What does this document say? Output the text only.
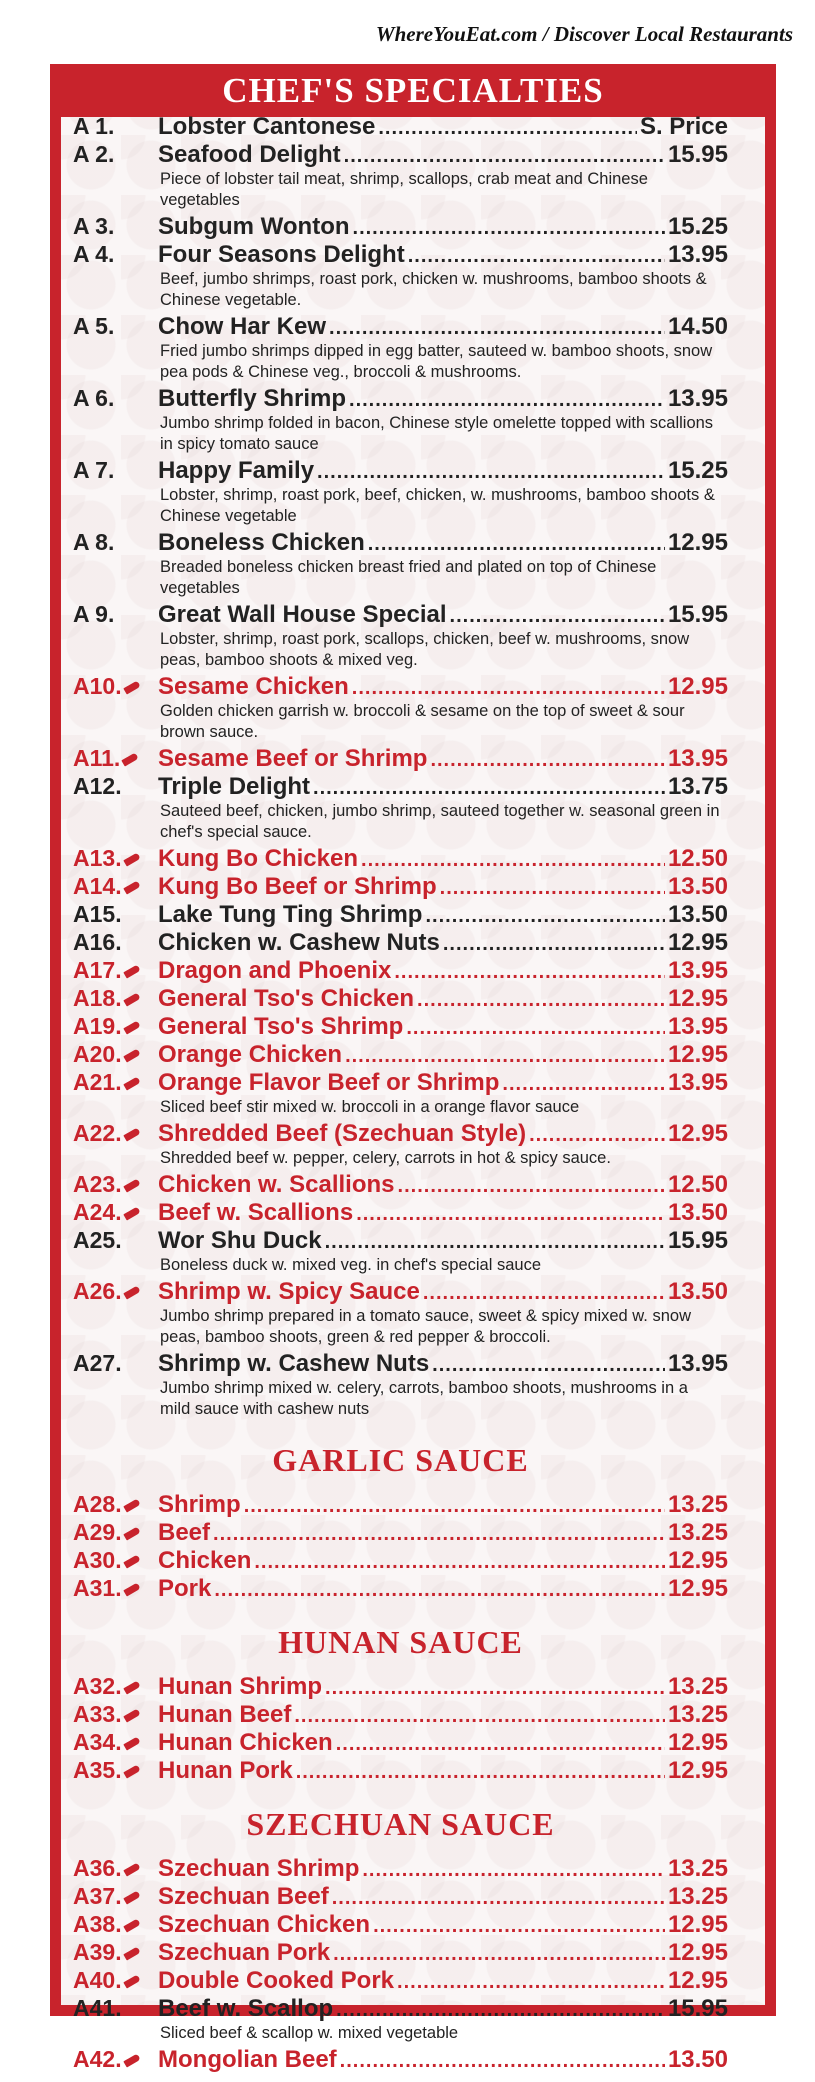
WhereYouEat.com / Discover Local Restaurants
CHEF'S SPECIALTIES
A 1.	Lobster Cantonese .....	S. Price
A 2.	Seafood Delight .....	15.95
Piece of lobster tail meat, shrimp, scallops, crab meat and Chinese vegetables
A 3.	Subgum Wonton .....	15.25
A 4.	Four Seasons Delight .....	13.95
Beef, jumbo shrimps, roast pork, chicken w. mushrooms, bamboo shoots & Chinese vegetable.
A 5.	Chow Har Kew .....	14.50
Fried jumbo shrimps dipped in egg batter, sauteed w. bamboo shoots, snow pea pods & Chinese veg., broccoli & mushrooms.
A 6.	Butterfly Shrimp .....	13.95
Jumbo shrimp folded in bacon, Chinese style omelette topped with scallions in spicy tomato sauce
A 7.	Happy Family .....	15.25
Lobster, shrimp, roast pork, beef, chicken, w. mushrooms, bamboo shoots & Chinese vegetable
A 8.	Boneless Chicken .....	12.95
Breaded boneless chicken breast fried and plated on top of Chinese vegetables
A 9.	Great Wall House Special .....	15.95
Lobster, shrimp, roast pork, scallops, chicken, beef w. mushrooms, snow peas, bamboo shoots & mixed veg.
A10.	Sesame Chicken .....	12.95
Golden chicken garrish w. broccoli & sesame on the top of sweet & sour brown sauce.
A11.	Sesame Beef or Shrimp .....	13.95
A12.	Triple Delight .....	13.75
Sauteed beef, chicken, jumbo shrimp, sauteed together w. seasonal green in chef's special sauce.
A13.	Kung Bo Chicken .....	12.50
A14.	Kung Bo Beef or Shrimp .....	13.50
A15.	Lake Tung Ting Shrimp .....	13.50
A16.	Chicken w. Cashew Nuts .....	12.95
A17.	Dragon and Phoenix .....	13.95
A18.	General Tso's Chicken .....	12.95
A19.	General Tso's Shrimp .....	13.95
A20.	Orange Chicken .....	12.95
A21.	Orange Flavor Beef or Shrimp .....	13.95
Sliced beef stir mixed w. broccoli in a orange flavor sauce
A22.	Shredded Beef (Szechuan Style) .....	12.95
Shredded beef w. pepper, celery, carrots in hot & spicy sauce.
A23.	Chicken w. Scallions .....	12.50
A24.	Beef w. Scallions .....	13.50
A25.	Wor Shu Duck .....	15.95
Boneless duck w. mixed veg. in chef's special sauce
A26.	Shrimp w. Spicy Sauce .....	13.50
Jumbo shrimp prepared in a tomato sauce, sweet & spicy mixed w. snow peas, bamboo shoots, green & red pepper & broccoli.
A27.	Shrimp w. Cashew Nuts .....	13.95
Jumbo shrimp mixed w. celery, carrots, bamboo shoots, mushrooms in a mild sauce with cashew nuts
GARLIC SAUCE
A28.	Shrimp .....	13.25
A29.	Beef .....	13.25
A30.	Chicken .....	12.95
A31.	Pork .....	12.95
HUNAN SAUCE
A32.	Hunan Shrimp .....	13.25
A33.	Hunan Beef .....	13.25
A34.	Hunan Chicken .....	12.95
A35.	Hunan Pork .....	12.95
SZECHUAN SAUCE
A36.	Szechuan Shrimp .....	13.25
A37.	Szechuan Beef .....	13.25
A38.	Szechuan Chicken .....	12.95
A39.	Szechuan Pork .....	12.95
A40.	Double Cooked Pork .....	12.95
A41.	Beef w. Scallop .....	15.95
Sliced beef & scallop w. mixed vegetable
A42.	Mongolian Beef .....	13.50
